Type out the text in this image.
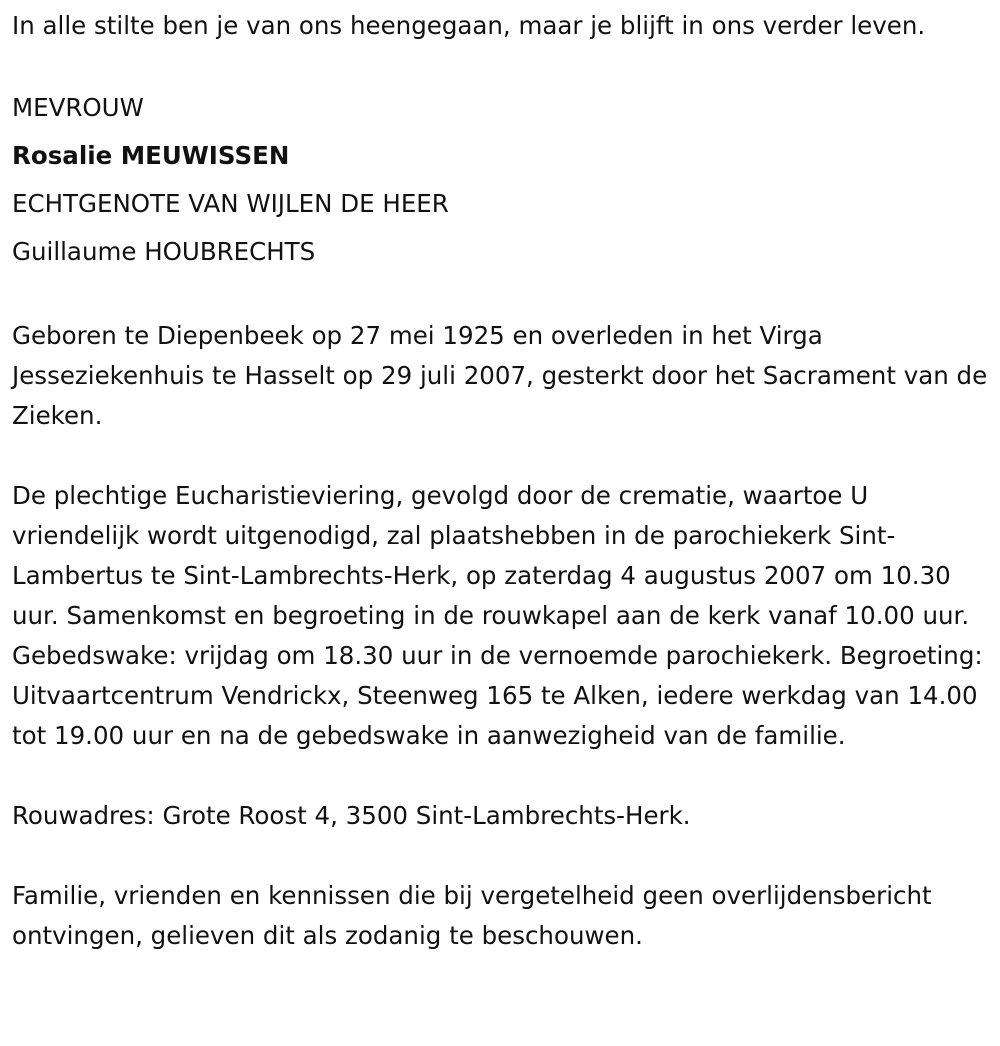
In alle stilte ben je van ons heengegaan, maar je blijft in ons verder leven.

MEVROUW
Rosalie MEUWISSEN
ECHTGENOTE VAN WIJLEN DE HEER
Guillaume HOUBRECHTS

Geboren te Diepenbeek op 27 mei 1925 en overleden in het Virga Jesseziekenhuis te Hasselt op 29 juli 2007, gesterkt door het Sacrament van de Zieken.

De plechtige Eucharistieviering, gevolgd door de crematie, waartoe U vriendelijk wordt uitgenodigd, zal plaatshebben in de parochiekerk Sint-Lambertus te Sint-Lambrechts-Herk, op zaterdag 4 augustus 2007 om 10.30 uur. Samenkomst en begroeting in de rouwkapel aan de kerk vanaf 10.00 uur. Gebedswake: vrijdag om 18.30 uur in de vernoemde parochiekerk. Begroeting: Uitvaartcentrum Vendrickx, Steenweg 165 te Alken, iedere werkdag van 14.00 tot 19.00 uur en na de gebedswake in aanwezigheid van de familie.

Rouwadres: Grote Roost 4, 3500 Sint-Lambrechts-Herk.

Familie, vrienden en kennissen die bij vergetelheid geen overlijdensbericht ontvingen, gelieven dit als zodanig te beschouwen.
